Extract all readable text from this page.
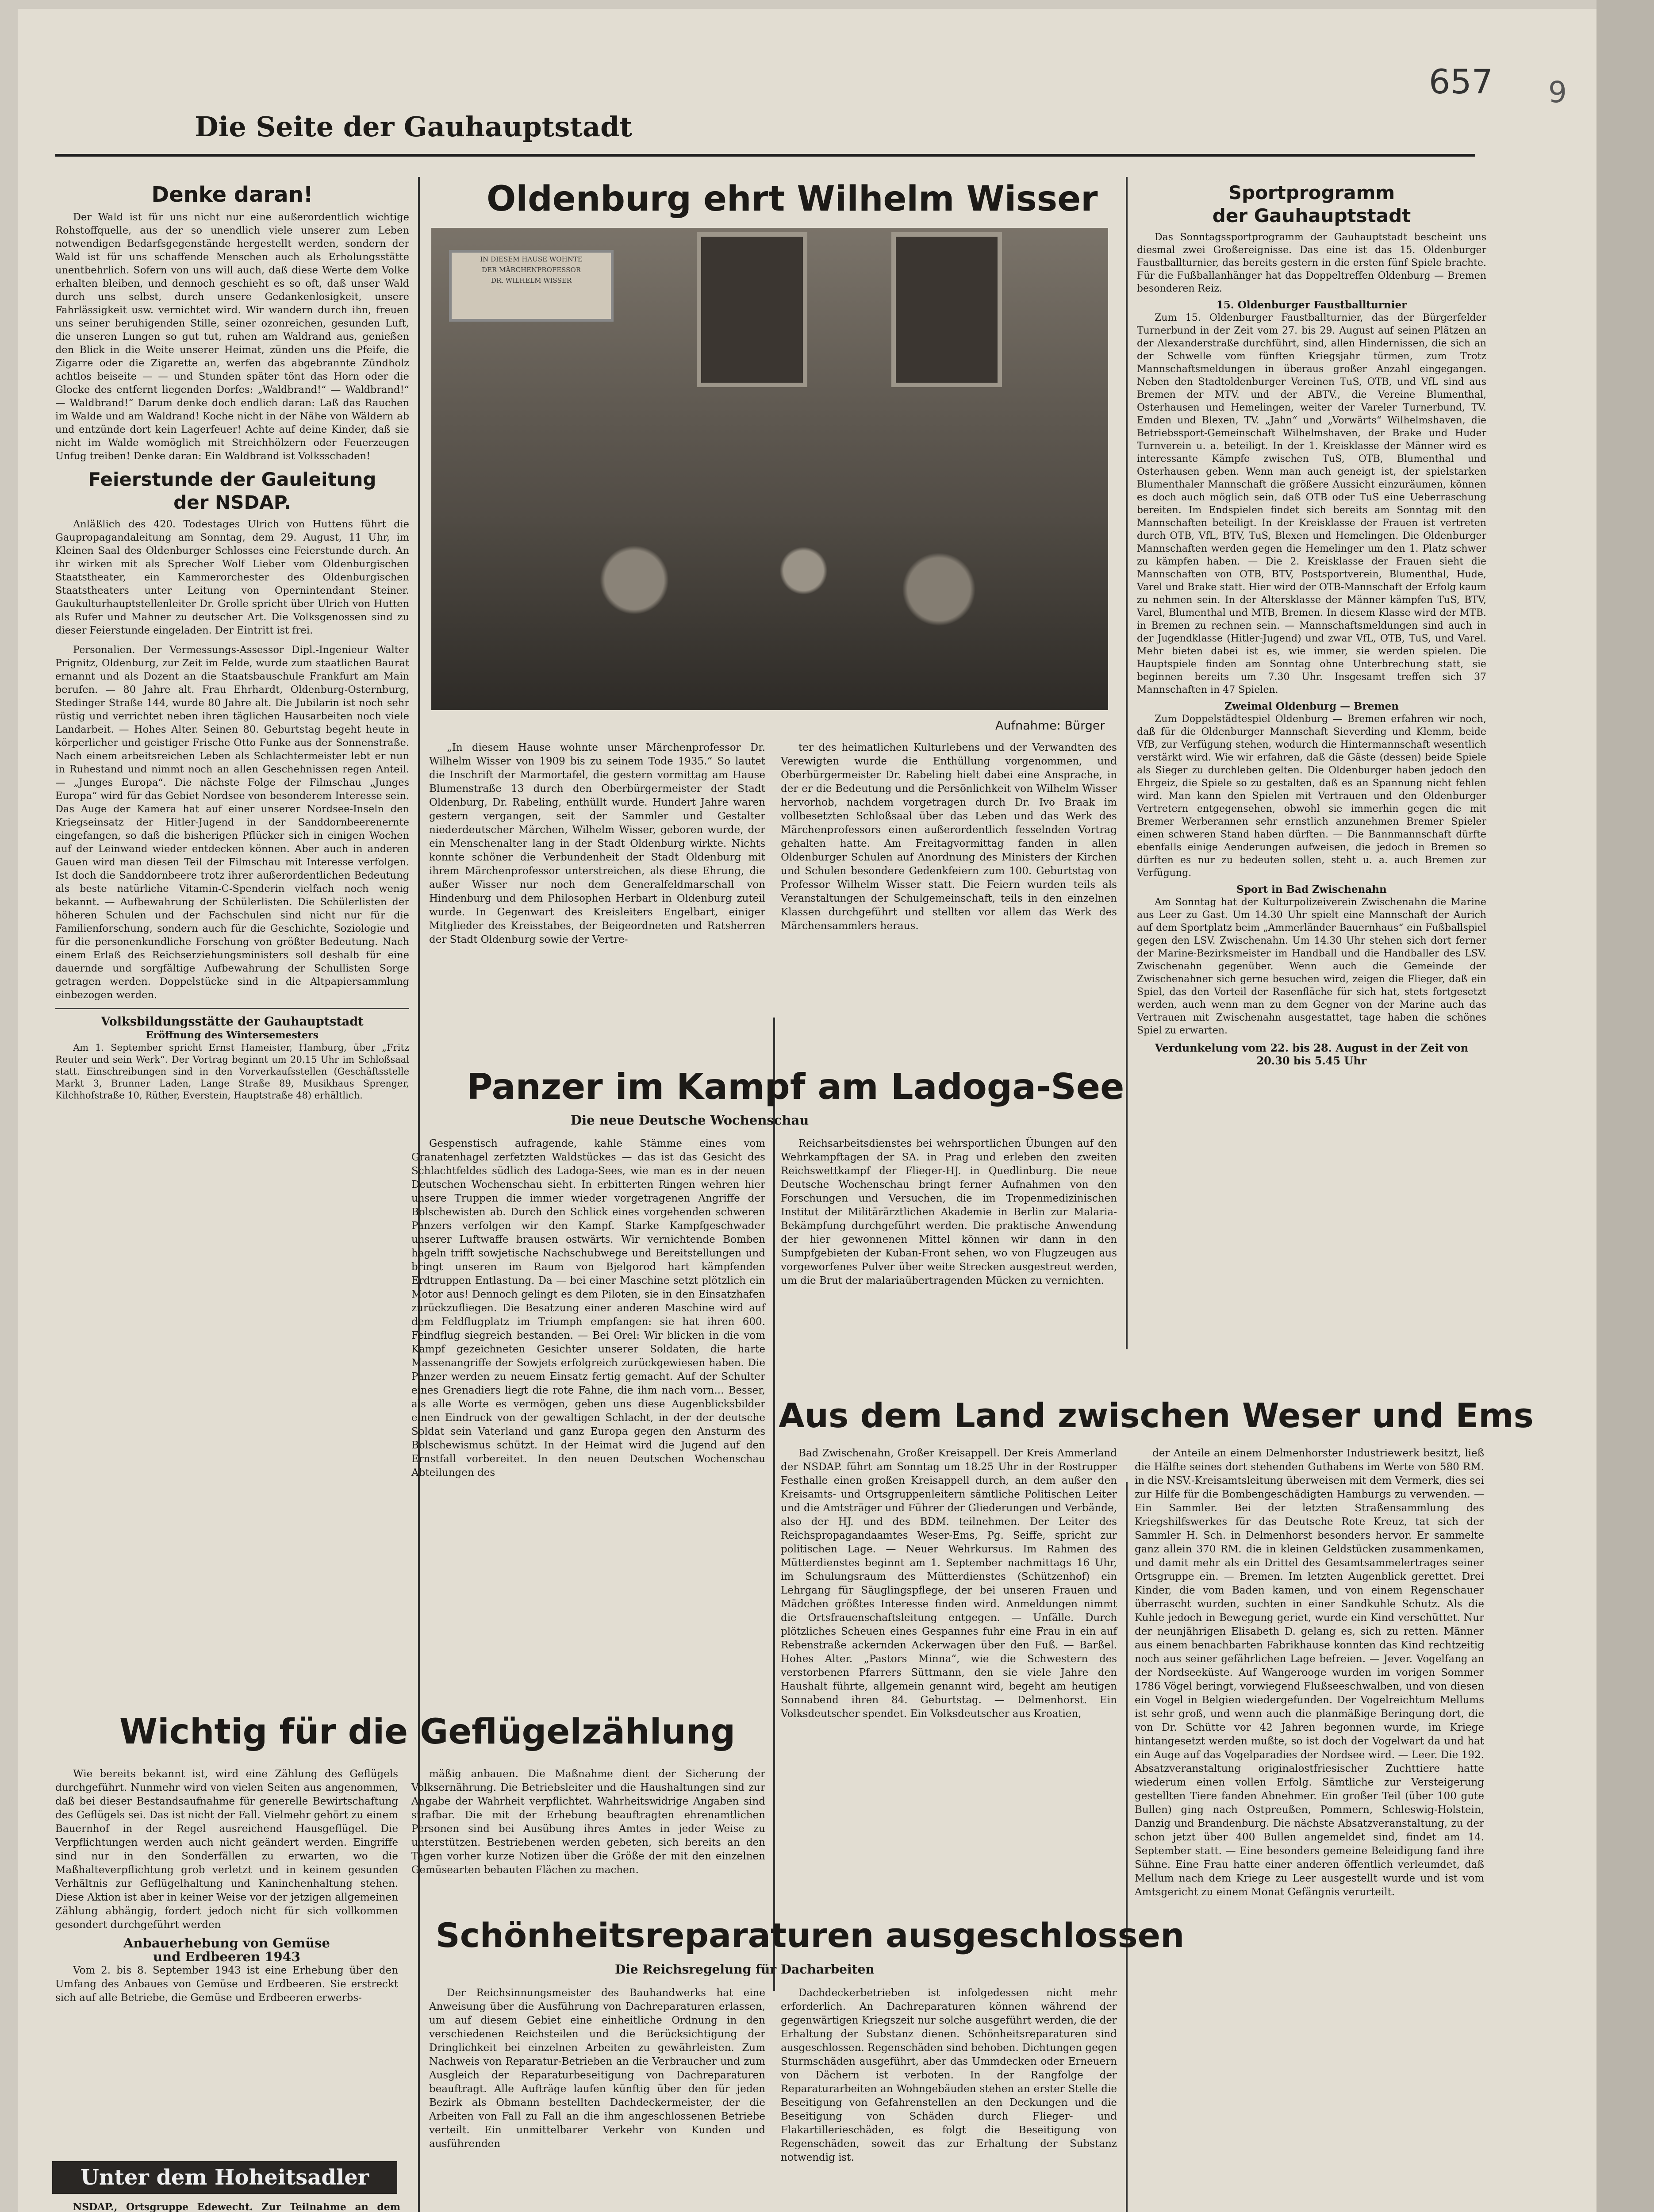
657 9
Die Seite der Gauhauptstadt
Denke daran!

Der Wald ist für uns nicht nur eine außerordentlich wichtige Rohstoffquelle, aus der so unendlich viele unserer zum Leben notwendigen Bedarfsgegenstände hergestellt werden, sondern der Wald ist für uns schaffende Menschen auch als Erholungsstätte unentbehrlich. Sofern von uns will auch, daß diese Werte dem Volke erhalten bleiben, und dennoch geschieht es so oft, daß unser Wald durch uns selbst, durch unsere Gedankenlosigkeit, unsere Fahrlässigkeit usw. vernichtet wird. Wir wandern durch ihn, freuen uns seiner beruhigenden Stille, seiner ozonreichen, gesunden Luft, die unseren Lungen so gut tut, ruhen am Waldrand aus, genießen den Blick in die Weite unserer Heimat, zünden uns die Pfeife, die Zigarre oder die Zigarette an, werfen das abgebrannte Zündholz achtlos beiseite — — und Stunden später tönt das Horn oder die Glocke des entfernt liegenden Dorfes: „Waldbrand!“ — Waldbrand!“ — Waldbrand!“ Darum denke doch endlich daran: Laß das Rauchen im Walde und am Waldrand! Koche nicht in der Nähe von Wäldern ab und entzünde dort kein Lagerfeuer! Achte auf deine Kinder, daß sie nicht im Walde womöglich mit Streichhölzern oder Feuerzeugen Unfug treiben! Denke daran: Ein Waldbrand ist Volksschaden!

Feierstunde der Gauleitung
der NSDAP.

Anläßlich des 420. Todestages Ulrich von Huttens führt die Gaupropagandaleitung am Sonntag, dem 29. August, 11 Uhr, im Kleinen Saal des Oldenburger Schlosses eine Feierstunde durch. An ihr wirken mit als Sprecher Wolf Lieber vom Oldenburgischen Staatstheater, ein Kammerorchester des Oldenburgischen Staatstheaters unter Leitung von Opernintendant Steiner. Gaukulturhauptstellenleiter Dr. Grolle spricht über Ulrich von Hutten als Rufer und Mahner zu deutscher Art. Die Volksgenossen sind zu dieser Feierstunde eingeladen. Der Eintritt ist frei.

Personalien. Der Vermessungs-Assessor Dipl.-Ingenieur Walter Prignitz, Oldenburg, zur Zeit im Felde, wurde zum staatlichen Baurat ernannt und als Dozent an die Staatsbauschule Frankfurt am Main berufen. — 80 Jahre alt. Frau Ehrhardt, Oldenburg-Osternburg, Stedinger Straße 144, wurde 80 Jahre alt. Die Jubilarin ist noch sehr rüstig und verrichtet neben ihren täglichen Hausarbeiten noch viele Landarbeit. — Hohes Alter. Seinen 80. Geburtstag begeht heute in körperlicher und geistiger Frische Otto Funke aus der Sonnenstraße. Nach einem arbeitsreichen Leben als Schlachtermeister lebt er nun in Ruhestand und nimmt noch an allen Geschehnissen regen Anteil. — „Junges Europa“. Die nächste Folge der Filmschau „Junges Europa“ wird für das Gebiet Nordsee von besonderem Interesse sein. Das Auge der Kamera hat auf einer unserer Nordsee-Inseln den Kriegseinsatz der Hitler-Jugend in der Sanddornbeerenernte eingefangen, so daß die bisherigen Pflücker sich in einigen Wochen auf der Leinwand wieder entdecken können. Aber auch in anderen Gauen wird man diesen Teil der Filmschau mit Interesse verfolgen. Ist doch die Sanddornbeere trotz ihrer außerordentlichen Bedeutung als beste natürliche Vitamin-C-Spenderin vielfach noch wenig bekannt. — Aufbewahrung der Schülerlisten. Die Schülerlisten der höheren Schulen und der Fachschulen sind nicht nur für die Familienforschung, sondern auch für die Geschichte, Soziologie und für die personenkundliche Forschung von größter Bedeutung. Nach einem Erlaß des Reichserziehungsministers soll deshalb für eine dauernde und sorgfältige Aufbewahrung der Schullisten Sorge getragen werden. Doppelstücke sind in die Altpapiersammlung einbezogen werden.

Volksbildungsstätte der Gauhauptstadt
Eröffnung des Wintersemesters

Am 1. September spricht Ernst Hameister, Hamburg, über „Fritz Reuter und sein Werk“. Der Vortrag beginnt um 20.15 Uhr im Schloßsaal statt. Einschreibungen sind in den Vorverkaufsstellen (Geschäftsstelle Markt 3, Brunner Laden, Lange Straße 89, Musikhaus Sprenger, Kilchhofstraße 10, Rüther, Everstein, Hauptstraße 48) erhältlich.

Oldenburg ehrt Wilhelm Wisser
IN DIESEM HAUSE WOHNTE
DER MÄRCHENPROFESSOR
DR. WILHELM WISSER
Aufnahme: Bürger

„In diesem Hause wohnte unser Märchenprofessor Dr. Wilhelm Wisser von 1909 bis zu seinem Tode 1935.“ So lautet die Inschrift der Marmortafel, die gestern vormittag am Hause Blumenstraße 13 durch den Oberbürgermeister der Stadt Oldenburg, Dr. Rabeling, enthüllt wurde. Hundert Jahre waren gestern vergangen, seit der Sammler und Gestalter niederdeutscher Märchen, Wilhelm Wisser, geboren wurde, der ein Menschenalter lang in der Stadt Oldenburg wirkte. Nichts konnte schöner die Verbundenheit der Stadt Oldenburg mit ihrem Märchenprofessor unterstreichen, als diese Ehrung, die außer Wisser nur noch dem Generalfeldmarschall von Hindenburg und dem Philosophen Herbart in Oldenburg zuteil wurde. In Gegenwart des Kreisleiters Engelbart, einiger Mitglieder des Kreisstabes, der Beigeordneten und Ratsherren der Stadt Oldenburg sowie der Vertre-

ter des heimatlichen Kulturlebens und der Verwandten des Verewigten wurde die Enthüllung vorgenommen, und Oberbürgermeister Dr. Rabeling hielt dabei eine Ansprache, in der er die Bedeutung und die Persönlichkeit von Wilhelm Wisser hervorhob, nachdem vorgetragen durch Dr. Ivo Braak im vollbesetzten Schloßsaal über das Leben und das Werk des Märchenprofessors einen außerordentlich fesselnden Vortrag gehalten hatte. Am Freitagvormittag fanden in allen Oldenburger Schulen auf Anordnung des Ministers der Kirchen und Schulen besondere Gedenkfeiern zum 100. Geburtstag von Professor Wilhelm Wisser statt. Die Feiern wurden teils als Veranstaltungen der Schulgemeinschaft, teils in den einzelnen Klassen durchgeführt und stellten vor allem das Werk des Märchensammlers heraus.

Panzer im Kampf am Ladoga-See
Die neue Deutsche Wochenschau

Gespenstisch aufragende, kahle Stämme eines vom Granatenhagel zerfetzten Waldstückes — das ist das Gesicht des Schlachtfeldes südlich des Ladoga-Sees, wie man es in der neuen Deutschen Wochenschau sieht. In erbitterten Ringen wehren hier unsere Truppen die immer wieder vorgetragenen Angriffe der Bolschewisten ab. Durch den Schlick eines vorgehenden schweren Panzers verfolgen wir den Kampf. Starke Kampfgeschwader unserer Luftwaffe brausen ostwärts. Wir vernichtende Bomben hageln trifft sowjetische Nachschubwege und Bereitstellungen und bringt unseren im Raum von Bjelgorod hart kämpfenden Erdtruppen Entlastung. Da — bei einer Maschine setzt plötzlich ein Motor aus! Dennoch gelingt es dem Piloten, sie in den Einsatzhafen zurückzufliegen. Die Besatzung einer anderen Maschine wird auf dem Feldflugplatz im Triumph empfangen: sie hat ihren 600. Feindflug siegreich bestanden. — Bei Orel: Wir blicken in die vom Kampf gezeichneten Gesichter unserer Soldaten, die harte Massenangriffe der Sowjets erfolgreich zurückgewiesen haben. Die Panzer werden zu neuem Einsatz fertig gemacht. Auf der Schulter eines Grenadiers liegt die rote Fahne, die ihm nach vorn... Besser, als alle Worte es vermögen, geben uns diese Augenblicksbilder einen Eindruck von der gewaltigen Schlacht, in der der deutsche Soldat sein Vaterland und ganz Europa gegen den Ansturm des Bolschewismus schützt. In der Heimat wird die Jugend auf den Ernstfall vorbereitet. In den neuen Deutschen Wochenschau Abteilungen des

Reichsarbeitsdienstes bei wehrsportlichen Übungen auf den Wehrkampftagen der SA. in Prag und erleben den zweiten Reichswettkampf der Flieger-HJ. in Quedlinburg. Die neue Deutsche Wochenschau bringt ferner Aufnahmen von den Forschungen und Versuchen, die im Tropenmedizinischen Institut der Militärärztlichen Akademie in Berlin zur Malaria-Bekämpfung durchgeführt werden. Die praktische Anwendung der hier gewonnenen Mittel können wir dann in den Sumpfgebieten der Kuban-Front sehen, wo von Flugzeugen aus vorgeworfenes Pulver über weite Strecken ausgestreut werden, um die Brut der malariaübertragenden Mücken zu vernichten.

Wichtig für die Geflügelzählung

Wie bereits bekannt ist, wird eine Zählung des Geflügels durchgeführt. Nunmehr wird von vielen Seiten aus angenommen, daß bei dieser Bestandsaufnahme für generelle Bewirtschaftung des Geflügels sei. Das ist nicht der Fall. Vielmehr gehört zu einem Bauernhof in der Regel ausreichend Hausgeflügel. Die Verpflichtungen werden auch nicht geändert werden. Eingriffe sind nur in den Sonderfällen zu erwarten, wo die Maßhalteverpflichtung grob verletzt und in keinem gesunden Verhältnis zur Geflügelhaltung und Kaninchenhaltung stehen. Diese Aktion ist aber in keiner Weise vor der jetzigen allgemeinen Zählung abhängig, fordert jedoch nicht für sich vollkommen gesondert durchgeführt werden

Anbauerhebung von Gemüse
und Erdbeeren 1943

Vom 2. bis 8. September 1943 ist eine Erhebung über den Umfang des Anbaues von Gemüse und Erdbeeren. Sie erstreckt sich auf alle Betriebe, die Gemüse und Erdbeeren erwerbs-

mäßig anbauen. Die Maßnahme dient der Sicherung der Volksernährung. Die Betriebsleiter und die Haushaltungen sind zur Angabe der Wahrheit verpflichtet. Wahrheitswidrige Angaben sind strafbar. Die mit der Erhebung beauftragten ehrenamtlichen Personen sind bei Ausübung ihres Amtes in jeder Weise zu unterstützen. Bestriebenen werden gebeten, sich bereits an den Tagen vorher kurze Notizen über die Größe der mit den einzelnen Gemüsearten bebauten Flächen zu machen.

Unter dem Hoheitsadler

NSDAP., Ortsgruppe Edewecht. Zur Teilnahme an dem

Aus dem Land zwischen Weser und Ems

Bad Zwischenahn, Großer Kreisappell. Der Kreis Ammerland der NSDAP. führt am Sonntag um 18.25 Uhr in der Rostrupper Festhalle einen großen Kreisappell durch, an dem außer den Kreisamts- und Ortsgruppenleitern sämtliche Politischen Leiter und die Amtsträger und Führer der Gliederungen und Verbände, also der HJ. und des BDM. teilnehmen. Der Leiter des Reichspropagandaamtes Weser-Ems, Pg. Seiffe, spricht zur politischen Lage. — Neuer Wehrkursus. Im Rahmen des Mütterdienstes beginnt am 1. September nachmittags 16 Uhr, im Schulungsraum des Mütterdienstes (Schützenhof) ein Lehrgang für Säuglingspflege, der bei unseren Frauen und Mädchen größtes Interesse finden wird. Anmeldungen nimmt die Ortsfrauenschaftsleitung entgegen. — Unfälle. Durch plötzliches Scheuen eines Gespannes fuhr eine Frau in ein auf Rebenstraße ackernden Ackerwagen über den Fuß. — Barßel. Hohes Alter. „Pastors Minna“, wie die Schwestern des verstorbenen Pfarrers Süttmann, den sie viele Jahre den Haushalt führte, allgemein genannt wird, begeht am heutigen Sonnabend ihren 84. Geburtstag. — Delmenhorst. Ein Volksdeutscher spendet. Ein Volksdeutscher aus Kroatien,

der Anteile an einem Delmenhorster Industriewerk besitzt, ließ die Hälfte seines dort stehenden Guthabens im Werte von 580 RM. in die NSV.-Kreisamtsleitung überweisen mit dem Vermerk, dies sei zur Hilfe für die Bombengeschädigten Hamburgs zu verwenden. — Ein Sammler. Bei der letzten Straßensammlung des Kriegshilfswerkes für das Deutsche Rote Kreuz, tat sich der Sammler H. Sch. in Delmenhorst besonders hervor. Er sammelte ganz allein 370 RM. die in kleinen Geldstücken zusammenkamen, und damit mehr als ein Drittel des Gesamtsammelertrages seiner Ortsgruppe ein. — Bremen. Im letzten Augenblick gerettet. Drei Kinder, die vom Baden kamen, und von einem Regenschauer überrascht wurden, suchten in einer Sandkuhle Schutz. Als die Kuhle jedoch in Bewegung geriet, wurde ein Kind verschüttet. Nur der neunjährigen Elisabeth D. gelang es, sich zu retten. Männer aus einem benachbarten Fabrikhause konnten das Kind rechtzeitig noch aus seiner gefährlichen Lage befreien. — Jever. Vogelfang an der Nordseeküste. Auf Wangerooge wurden im vorigen Sommer 1786 Vögel beringt, vorwiegend Flußseeschwalben, und von diesen ein Vogel in Belgien wiedergefunden. Der Vogelreichtum Mellums ist sehr groß, und wenn auch die planmäßige Beringung dort, die von Dr. Schütte vor 42 Jahren begonnen wurde, im Kriege hintangesetzt werden mußte, so ist doch der Vogelwart da und hat ein Auge auf das Vogelparadies der Nordsee wird. — Leer. Die 192. Absatzveranstaltung originalostfriesischer Zuchttiere hatte wiederum einen vollen Erfolg. Sämtliche zur Versteigerung gestellten Tiere fanden Abnehmer. Ein großer Teil (über 100 gute Bullen) ging nach Ostpreußen, Pommern, Schleswig-Holstein, Danzig und Brandenburg. Die nächste Absatzveranstaltung, zu der schon jetzt über 400 Bullen angemeldet sind, findet am 14. September statt. — Eine besonders gemeine Beleidigung fand ihre Sühne. Eine Frau hatte einer anderen öffentlich verleumdet, daß Mellum nach dem Kriege zu Leer ausgestellt wurde und ist vom Amtsgericht zu einem Monat Gefängnis verurteilt.

Schönheitsreparaturen ausgeschlossen
Die Reichsregelung für Dacharbeiten

Der Reichsinnungsmeister des Bauhandwerks hat eine Anweisung über die Ausführung von Dachreparaturen erlassen, um auf diesem Gebiet eine einheitliche Ordnung in den verschiedenen Reichsteilen und die Berücksichtigung der Dringlichkeit bei einzelnen Arbeiten zu gewährleisten. Zum Nachweis von Reparatur-Betrieben an die Verbraucher und zum Ausgleich der Reparaturbeseitigung von Dachreparaturen beauftragt. Alle Aufträge laufen künftig über den für jeden Bezirk als Obmann bestellten Dachdeckermeister, der die Arbeiten von Fall zu Fall an die ihm angeschlossenen Betriebe verteilt. Ein unmittelbarer Verkehr von Kunden und ausführenden

Dachdeckerbetrieben ist infolgedessen nicht mehr erforderlich. An Dachreparaturen können während der gegenwärtigen Kriegszeit nur solche ausgeführt werden, die der Erhaltung der Substanz dienen. Schönheitsreparaturen sind ausgeschlossen. Regenschäden sind behoben. Dichtungen gegen Sturmschäden ausgeführt, aber das Ummdecken oder Erneuern von Dächern ist verboten. In der Rangfolge der Reparaturarbeiten an Wohngebäuden stehen an erster Stelle die Beseitigung von Gefahrenstellen an den Deckungen und die Beseitigung von Schäden durch Flieger- und Flakartillerieschäden, es folgt die Beseitigung von Regenschäden, soweit das zur Erhaltung der Substanz notwendig ist.

Sportprogramm
der Gauhauptstadt

Das Sonntagssportprogramm der Gauhauptstadt bescheint uns diesmal zwei Großereignisse. Das eine ist das 15. Oldenburger Faustballturnier, das bereits gestern in die ersten fünf Spiele brachte. Für die Fußballanhänger hat das Doppeltreffen Oldenburg — Bremen besonderen Reiz.

15. Oldenburger Faustballturnier

Zum 15. Oldenburger Faustballturnier, das der Bürgerfelder Turnerbund in der Zeit vom 27. bis 29. August auf seinen Plätzen an der Alexanderstraße durchführt, sind, allen Hindernissen, die sich an der Schwelle vom fünften Kriegsjahr türmen, zum Trotz Mannschaftsmeldungen in überaus großer Anzahl eingegangen. Neben den Stadtoldenburger Vereinen TuS, OTB, und VfL sind aus Bremen der MTV. und der ABTV., die Vereine Blumenthal, Osterhausen und Hemelingen, weiter der Vareler Turnerbund, TV. Emden und Blexen, TV. „Jahn“ und „Vorwärts“ Wilhelmshaven, die Betriebssport-Gemeinschaft Wilhelmshaven, der Brake und Huder Turnverein u. a. beteiligt. In der 1. Kreisklasse der Männer wird es interessante Kämpfe zwischen TuS, OTB, Blumenthal und Osterhausen geben. Wenn man auch geneigt ist, der spielstarken Blumenthaler Mannschaft die größere Aussicht einzuräumen, können es doch auch möglich sein, daß OTB oder TuS eine Ueberraschung bereiten. Im Endspielen findet sich bereits am Sonntag mit den Mannschaften beteiligt. In der Kreisklasse der Frauen ist vertreten durch OTB, VfL, BTV, TuS, Blexen und Hemelingen. Die Oldenburger Mannschaften werden gegen die Hemelinger um den 1. Platz schwer zu kämpfen haben. — Die 2. Kreisklasse der Frauen sieht die Mannschaften von OTB, BTV, Postsportverein, Blumenthal, Hude, Varel und Brake statt. Hier wird der OTB-Mannschaft der Erfolg kaum zu nehmen sein. In der Altersklasse der Männer kämpfen TuS, BTV, Varel, Blumenthal und MTB, Bremen. In diesem Klasse wird der MTB. in Bremen zu rechnen sein. — Mannschaftsmeldungen sind auch in der Jugendklasse (Hitler-Jugend) und zwar VfL, OTB, TuS, und Varel. Mehr bieten dabei ist es, wie immer, sie werden spielen. Die Hauptspiele finden am Sonntag ohne Unterbrechung statt, sie beginnen bereits um 7.30 Uhr. Insgesamt treffen sich 37 Mannschaften in 47 Spielen.

Zweimal Oldenburg — Bremen

Zum Doppelstädtespiel Oldenburg — Bremen erfahren wir noch, daß für die Oldenburger Mannschaft Sieverding und Klemm, beide VfB, zur Verfügung stehen, wodurch die Hintermannschaft wesentlich verstärkt wird. Wie wir erfahren, daß die Gäste (dessen) beide Spiele als Sieger zu durchleben gelten. Die Oldenburger haben jedoch den Ehrgeiz, die Spiele so zu gestalten, daß es an Spannung nicht fehlen wird. Man kann den Spielen mit Vertrauen und den Oldenburger Vertretern entgegensehen, obwohl sie immerhin gegen die mit Bremer Werberannen sehr ernstlich anzunehmen Bremer Spieler einen schweren Stand haben dürften. — Die Bannmannschaft dürfte ebenfalls einige Aenderungen aufweisen, die jedoch in Bremen so dürften es nur zu bedeuten sollen, steht u. a. auch Bremen zur Verfügung.

Sport in Bad Zwischenahn

Am Sonntag hat der Kulturpolizeiverein Zwischenahn die Marine aus Leer zu Gast. Um 14.30 Uhr spielt eine Mannschaft der Aurich auf dem Sportplatz beim „Ammerländer Bauernhaus“ ein Fußballspiel gegen den LSV. Zwischenahn. Um 14.30 Uhr stehen sich dort ferner der Marine-Bezirksmeister im Handball und die Handballer des LSV. Zwischenahn gegenüber. Wenn auch die Gemeinde der Zwischenahner sich gerne besuchen wird, zeigen die Flieger, daß ein Spiel, das den Vorteil der Rasenfläche für sich hat, stets fortgesetzt werden, auch wenn man zu dem Gegner von der Marine auch das Vertrauen mit Zwischenahn ausgestattet, tage haben die schönes Spiel zu erwarten.

Verdunkelung vom 22. bis 28. August in der Zeit von 20.30 bis 5.45 Uhr
